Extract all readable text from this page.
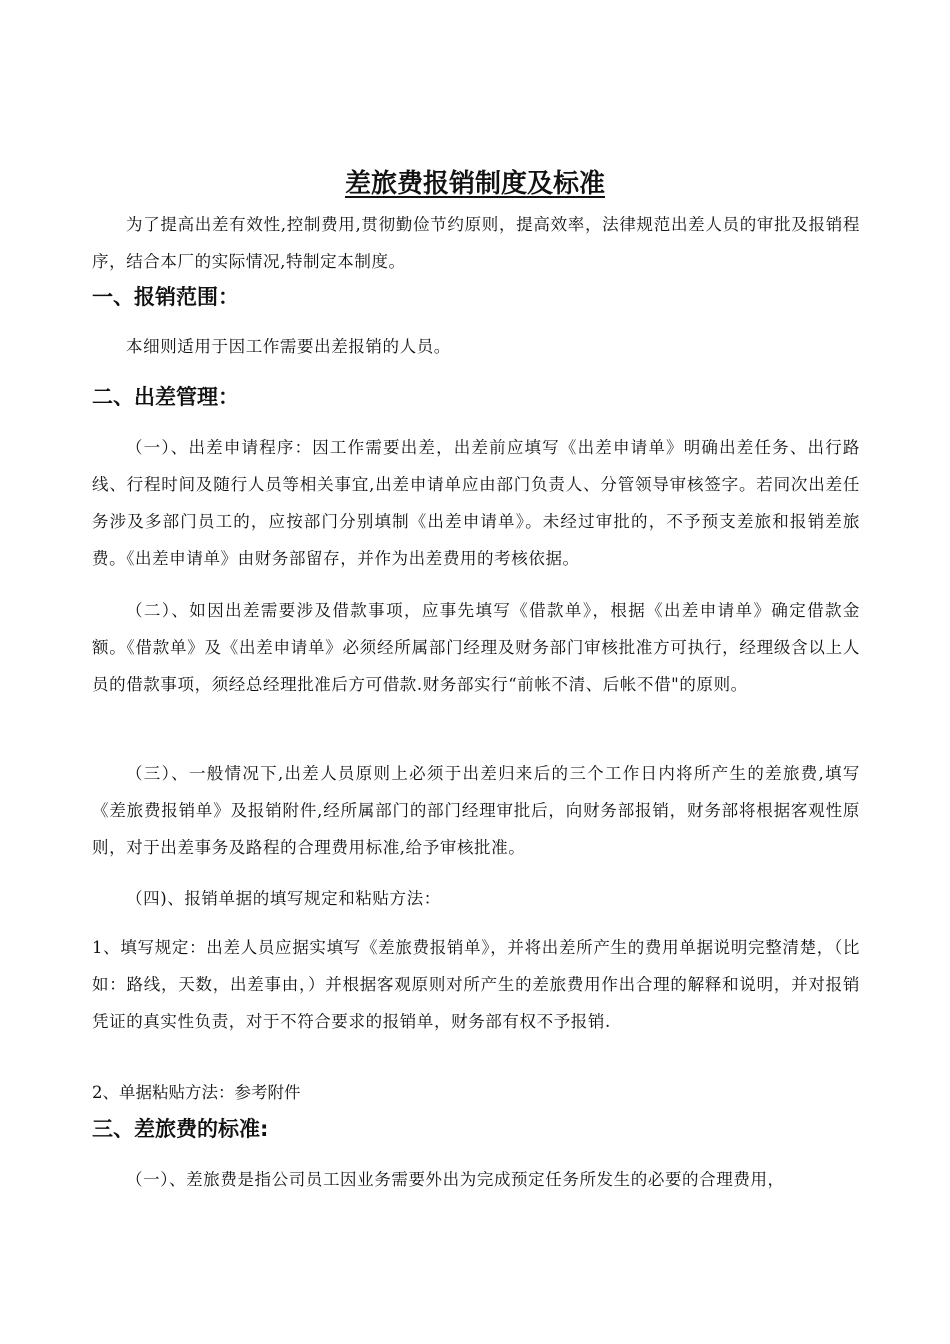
差旅费报销制度及标准

为了提高出差有效性,控制费用,贯彻勤俭节约原则，提高效率，法律规范出差人员的审批及报销程序，结合本厂的实际情况,特制定本制度。

一、报销范围：

本细则适用于因工作需要出差报销的人员。

二、出差管理：

（一）、出差申请程序：因工作需要出差，出差前应填写《出差申请单》明确出差任务、出行路线、行程时间及随行人员等相关事宜,出差申请单应由部门负责人、分管领导审核签字。若同次出差任务涉及多部门员工的，应按部门分别填制《出差申请单》。未经过审批的，不予预支差旅和报销差旅费。《出差申请单》由财务部留存，并作为出差费用的考核依据。

（二）、如因出差需要涉及借款事项，应事先填写《借款单》，根据《出差申请单》确定借款金额。《借款单》及《出差申请单》必须经所属部门经理及财务部门审核批准方可执行，经理级含以上人员的借款事项，须经总经理批准后方可借款.财务部实行“前帐不清、后帐不借"的原则。

（三）、一般情况下,出差人员原则上必须于出差归来后的三个工作日内将所产生的差旅费,填写《差旅费报销单》及报销附件,经所属部门的部门经理审批后，向财务部报销，财务部将根据客观性原则，对于出差事务及路程的合理费用标准,给予审核批准。

（四)、报销单据的填写规定和粘贴方法：

1、填写规定：出差人员应据实填写《差旅费报销单》，并将出差所产生的费用单据说明完整清楚，（比如：路线，天数，出差事由，）并根据客观原则对所产生的差旅费用作出合理的解释和说明，并对报销凭证的真实性负责，对于不符合要求的报销单，财务部有权不予报销.

2、单据粘贴方法：参考附件

三、差旅费的标准:

（一）、差旅费是指公司员工因业务需要外出为完成预定任务所发生的必要的合理费用，
